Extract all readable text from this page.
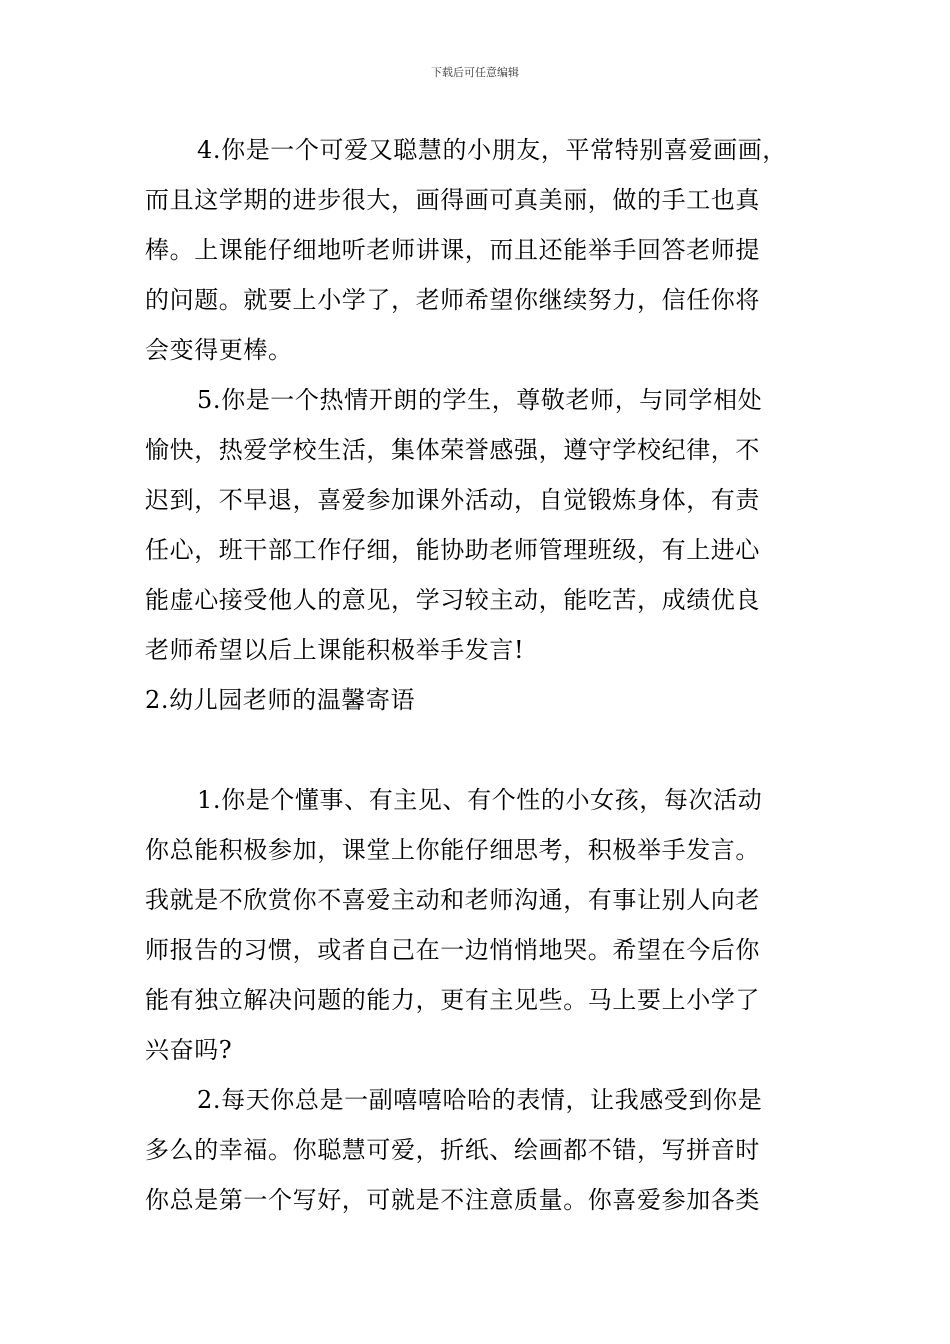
下载后可任意编辑
4.你是一个可爱又聪慧的小朋友，平常特别喜爱画画，
而且这学期的进步很大，画得画可真美丽，做的手工也真
棒。上课能仔细地听老师讲课，而且还能举手回答老师提
的问题。就要上小学了，老师希望你继续努力，信任你将
会变得更棒。
5.你是一个热情开朗的学生，尊敬老师，与同学相处
愉快，热爱学校生活，集体荣誉感强，遵守学校纪律，不
迟到，不早退，喜爱参加课外活动，自觉锻炼身体，有责
任心，班干部工作仔细，能协助老师管理班级，有上进心
能虚心接受他人的意见，学习较主动，能吃苦，成绩优良
老师希望以后上课能积极举手发言!
2.幼儿园老师的温馨寄语
1.你是个懂事、有主见、有个性的小女孩，每次活动
你总能积极参加，课堂上你能仔细思考，积极举手发言。
我就是不欣赏你不喜爱主动和老师沟通，有事让别人向老
师报告的习惯，或者自己在一边悄悄地哭。希望在今后你
能有独立解决问题的能力，更有主见些。马上要上小学了
兴奋吗?
2.每天你总是一副嘻嘻哈哈的表情，让我感受到你是
多么的幸福。你聪慧可爱，折纸、绘画都不错，写拼音时
你总是第一个写好，可就是不注意质量。你喜爱参加各类
